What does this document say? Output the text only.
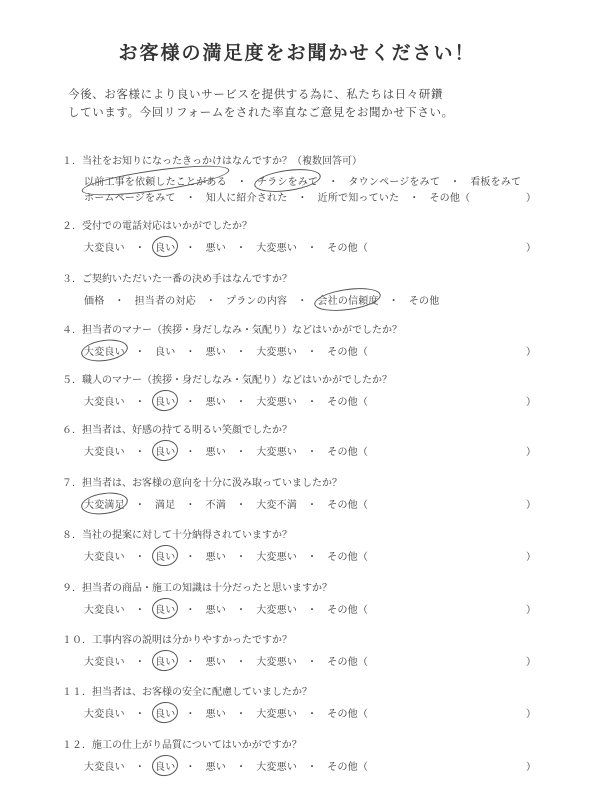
お客様の満足度をお聞かせください！
今後、お客様により良いサービスを提供する為に、私たちは日々研鑽
しています。今回リフォームをされた率直なご意見をお聞かせ下さい。
１．当社をお知りになったきっかけはなんですか？（複数回答可）
以前工事を依頼したことがある ・ チラシをみて ・ タウンページをみて ・ 看板をみて
ホームページをみて ・ 知人に紹介された ・ 近所で知っていた ・ その他（	）
２．受付での電話対応はいかがでしたか？
大変良い ・ 良い ・ 悪い ・ 大変悪い ・ その他（	）
３．ご契約いただいた一番の決め手はなんですか？
価格 ・ 担当者の対応 ・ プランの内容 ・ 会社の信頼度 ・ その他
４．担当者のマナー（挨拶・身だしなみ・気配り）などはいかがでしたか？
大変良い ・ 良い ・ 悪い ・ 大変悪い ・ その他（	）
５．職人のマナー（挨拶・身だしなみ・気配り）などはいかがでしたか？
大変良い ・ 良い ・ 悪い ・ 大変悪い ・ その他（	）
６．担当者は、好感の持てる明るい笑顔でしたか？
大変良い ・ 良い ・ 悪い ・ 大変悪い ・ その他（	）
７．担当者は、お客様の意向を十分に汲み取っていましたか？
大変満足 ・ 満足 ・ 不満 ・ 大変不満 ・ その他（	）
８．当社の提案に対して十分納得されていますか？
大変良い ・ 良い ・ 悪い ・ 大変悪い ・ その他（	）
９．担当者の商品・施工の知識は十分だったと思いますか？
大変良い ・ 良い ・ 悪い ・ 大変悪い ・ その他（	）
１０．工事内容の説明は分かりやすかったですか？
大変良い ・ 良い ・ 悪い ・ 大変悪い ・ その他（	）
１１．担当者は、お客様の安全に配慮していましたか？
大変良い ・ 良い ・ 悪い ・ 大変悪い ・ その他（	）
１２．施工の仕上がり品質についてはいかがですか？
大変良い ・ 良い ・ 悪い ・ 大変悪い ・ その他（	）
